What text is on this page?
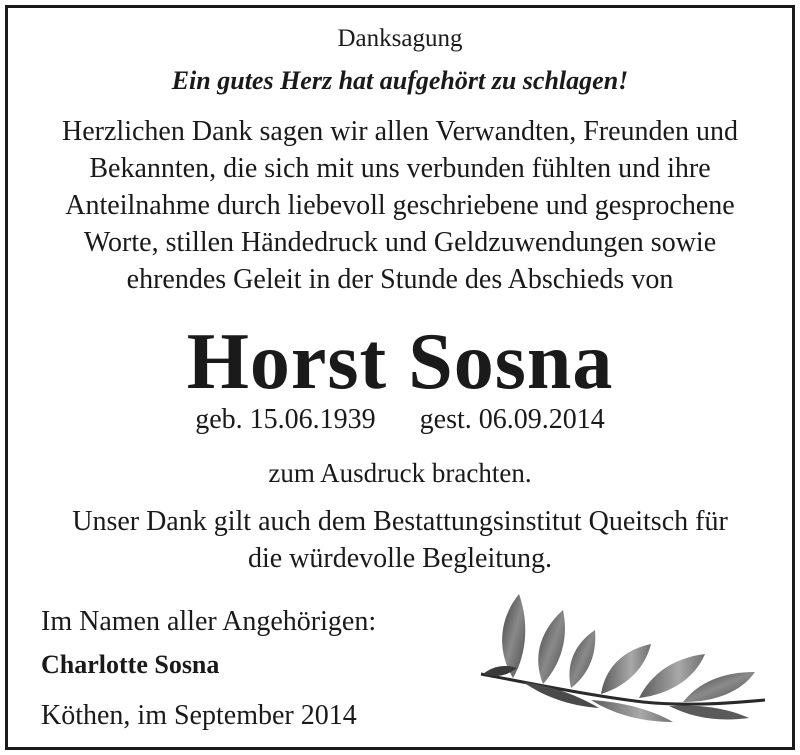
Danksagung
Ein gutes Herz hat aufgehört zu schlagen!
Herzlichen Dank sagen wir allen Verwandten, Freunden und
Bekannten, die sich mit uns verbunden fühlten und ihre
Anteilnahme durch liebevoll geschriebene und gesprochene
Worte, stillen Händedruck und Geldzuwendungen sowie
ehrendes Geleit in der Stunde des Abschieds von
Horst Sosna
geb. 15.06.1939 gest. 06.09.2014
zum Ausdruck brachten.
Unser Dank gilt auch dem Bestattungsinstitut Queitsch für
die würdevolle Begleitung.
Im Namen aller Angehörigen:
Charlotte Sosna
Köthen, im September 2014
